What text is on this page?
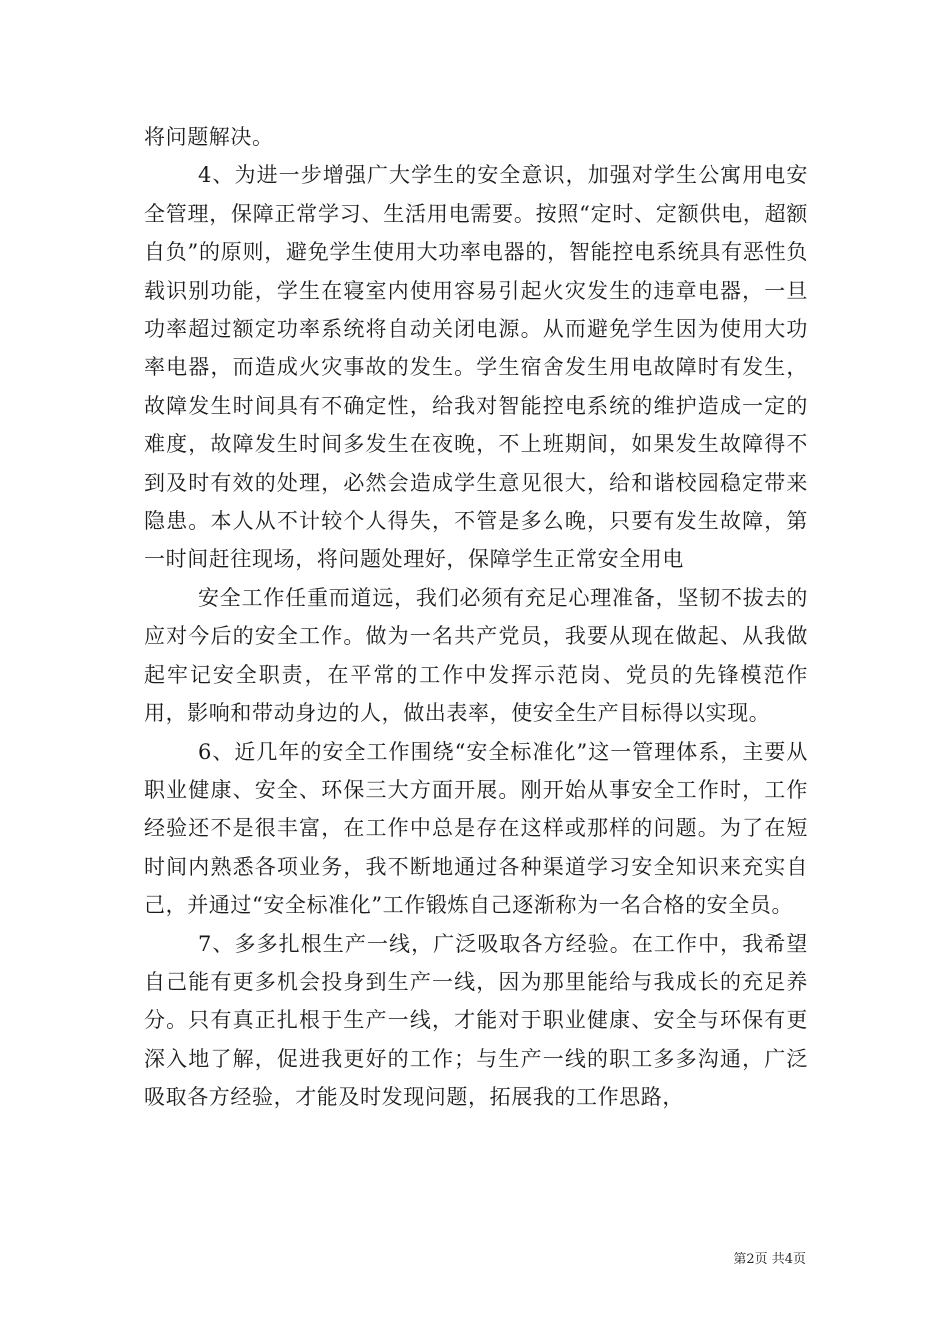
将问题解决。

4、为进一步增强广大学生的安全意识，加强对学生公寓用电安全管理，保障正常学习、生活用电需要。按照“定时、定额供电，超额自负”的原则，避免学生使用大功率电器的，智能控电系统具有恶性负载识别功能，学生在寝室内使用容易引起火灾发生的违章电器，一旦功率超过额定功率系统将自动关闭电源。从而避免学生因为使用大功率电器，而造成火灾事故的发生。学生宿舍发生用电故障时有发生，故障发生时间具有不确定性，给我对智能控电系统的维护造成一定的难度，故障发生时间多发生在夜晚，不上班期间，如果发生故障得不到及时有效的处理，必然会造成学生意见很大，给和谐校园稳定带来隐患。本人从不计较个人得失，不管是多么晚，只要有发生故障，第一时间赶往现场，将问题处理好，保障学生正常安全用电

安全工作任重而道远，我们必须有充足心理准备，坚韧不拔去的应对今后的安全工作。做为一名共产党员，我要从现在做起、从我做起牢记安全职责，在平常的工作中发挥示范岗、党员的先锋模范作用，影响和带动身边的人，做出表率，使安全生产目标得以实现。

6、近几年的安全工作围绕“安全标准化”这一管理体系，主要从职业健康、安全、环保三大方面开展。刚开始从事安全工作时，工作经验还不是很丰富，在工作中总是存在这样或那样的问题。为了在短时间内熟悉各项业务，我不断地通过各种渠道学习安全知识来充实自己，并通过“安全标准化”工作锻炼自己逐渐称为一名合格的安全员。

7、多多扎根生产一线，广泛吸取各方经验。在工作中，我希望自己能有更多机会投身到生产一线，因为那里能给与我成长的充足养分。只有真正扎根于生产一线，才能对于职业健康、安全与环保有更深入地了解，促进我更好的工作；与生产一线的职工多多沟通，广泛吸取各方经验，才能及时发现问题，拓展我的工作思路，

第2页 共4页
